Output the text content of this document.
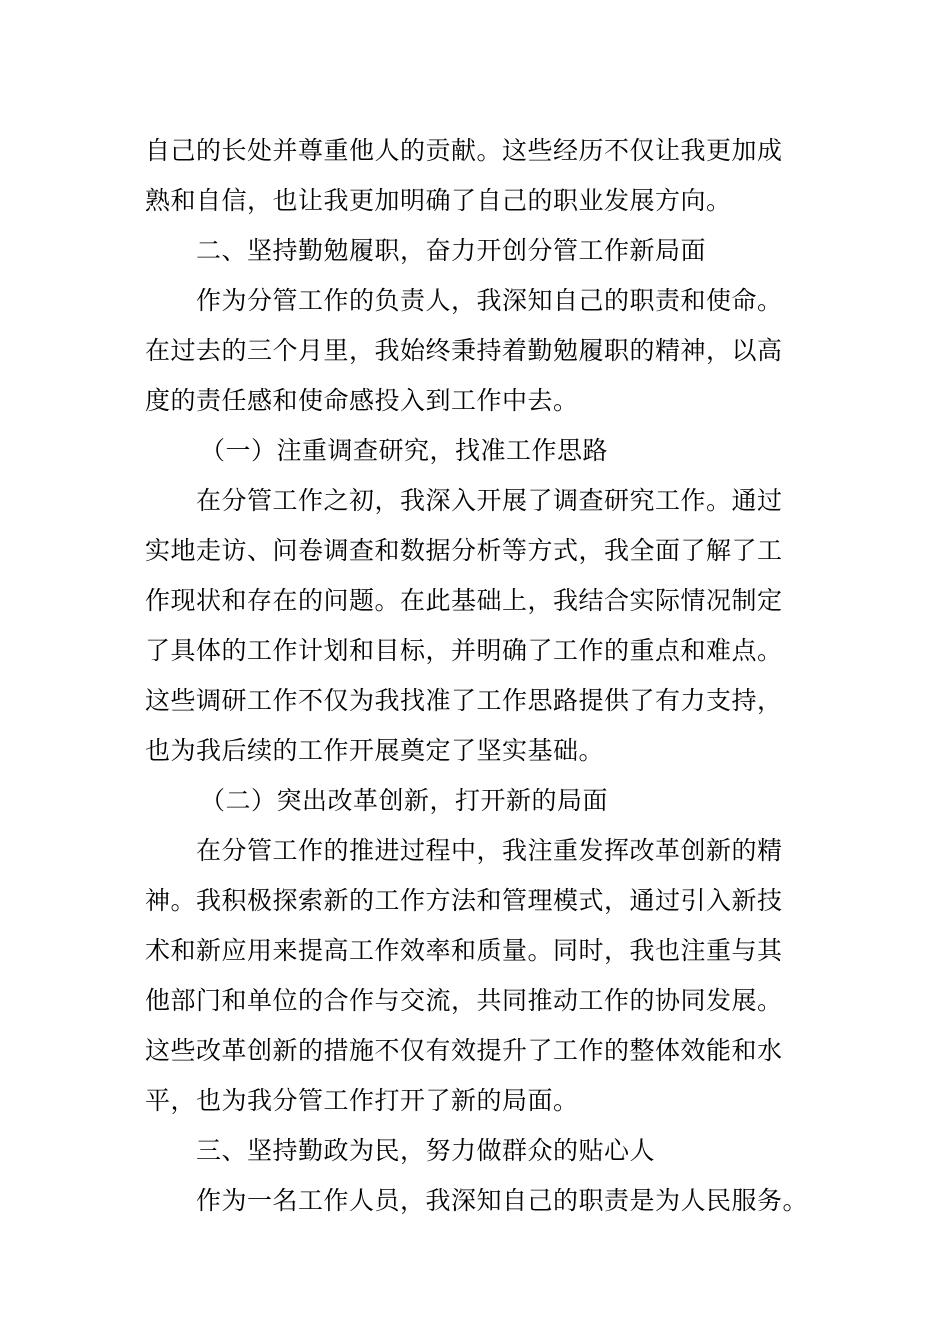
自己的长处并尊重他人的贡献。这些经历不仅让我更加成
熟和自信，也让我更加明确了自己的职业发展方向。
二、坚持勤勉履职，奋力开创分管工作新局面
作为分管工作的负责人，我深知自己的职责和使命。
在过去的三个月里，我始终秉持着勤勉履职的精神，以高
度的责任感和使命感投入到工作中去。
（一）注重调查研究，找准工作思路
在分管工作之初，我深入开展了调查研究工作。通过
实地走访、问卷调查和数据分析等方式，我全面了解了工
作现状和存在的问题。在此基础上，我结合实际情况制定
了具体的工作计划和目标，并明确了工作的重点和难点。
这些调研工作不仅为我找准了工作思路提供了有力支持，
也为我后续的工作开展奠定了坚实基础。
（二）突出改革创新，打开新的局面
在分管工作的推进过程中，我注重发挥改革创新的精
神。我积极探索新的工作方法和管理模式，通过引入新技
术和新应用来提高工作效率和质量。同时，我也注重与其
他部门和单位的合作与交流，共同推动工作的协同发展。
这些改革创新的措施不仅有效提升了工作的整体效能和水
平，也为我分管工作打开了新的局面。
三、坚持勤政为民，努力做群众的贴心人
作为一名工作人员，我深知自己的职责是为人民服务。
